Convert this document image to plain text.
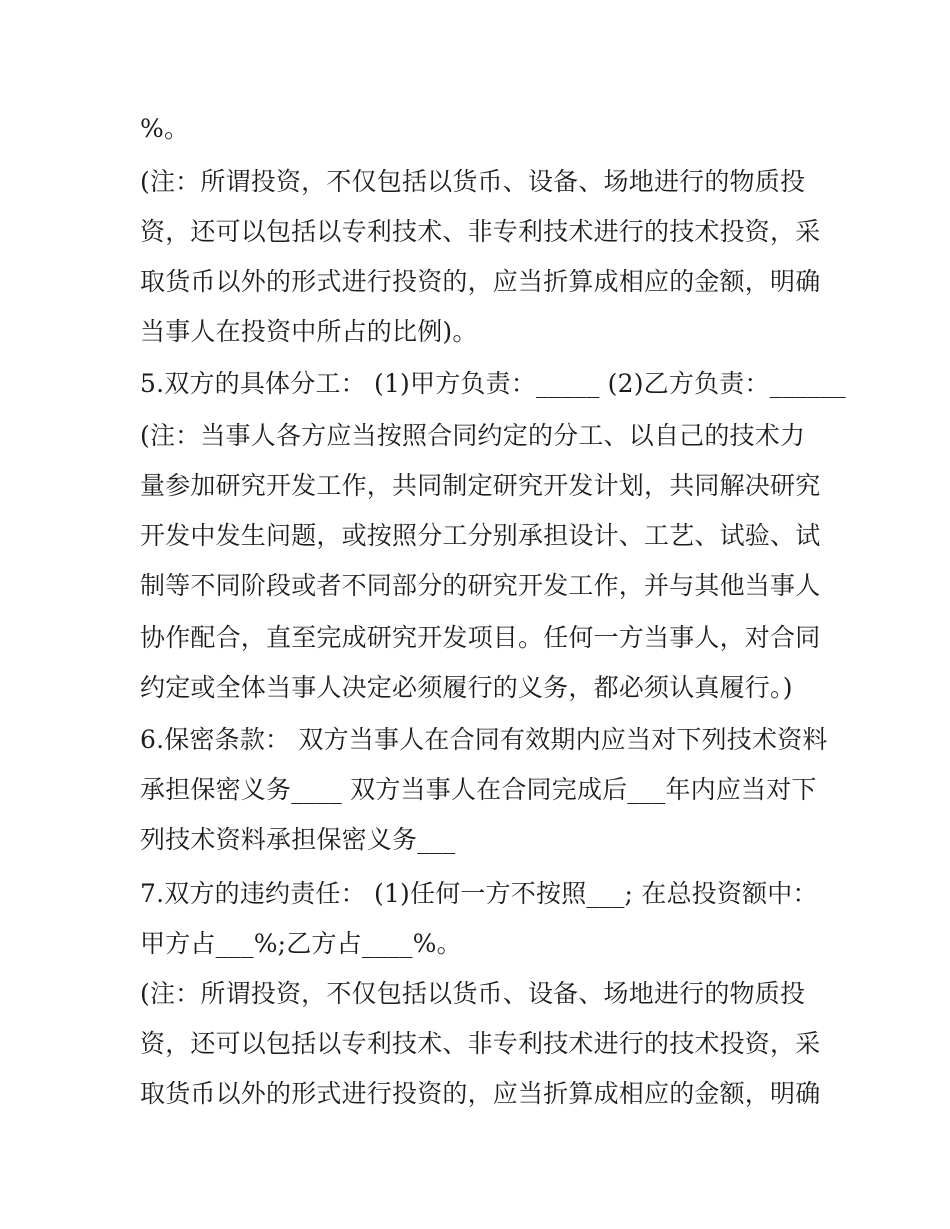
%。
(注：所谓投资，不仅包括以货币、设备、场地进行的物质投
资，还可以包括以专利技术、非专利技术进行的技术投资，采
取货币以外的形式进行投资的，应当折算成相应的金额，明确
当事人在投资中所占的比例)。
5.双方的具体分工： (1)甲方负责：_____ (2)乙方负责：______
(注：当事人各方应当按照合同约定的分工、以自己的技术力
量参加研究开发工作，共同制定研究开发计划，共同解决研究
开发中发生问题，或按照分工分别承担设计、工艺、试验、试
制等不同阶段或者不同部分的研究开发工作，并与其他当事人
协作配合，直至完成研究开发项目。任何一方当事人，对合同
约定或全体当事人决定必须履行的义务，都必须认真履行。)
6.保密条款： 双方当事人在合同有效期内应当对下列技术资料
承担保密义务____ 双方当事人在合同完成后___年内应当对下
列技术资料承担保密义务___
7.双方的违约责任： (1)任何一方不按照___; 在总投资额中：
甲方占___%;乙方占____%。
(注：所谓投资，不仅包括以货币、设备、场地进行的物质投
资，还可以包括以专利技术、非专利技术进行的技术投资，采
取货币以外的形式进行投资的，应当折算成相应的金额，明确
